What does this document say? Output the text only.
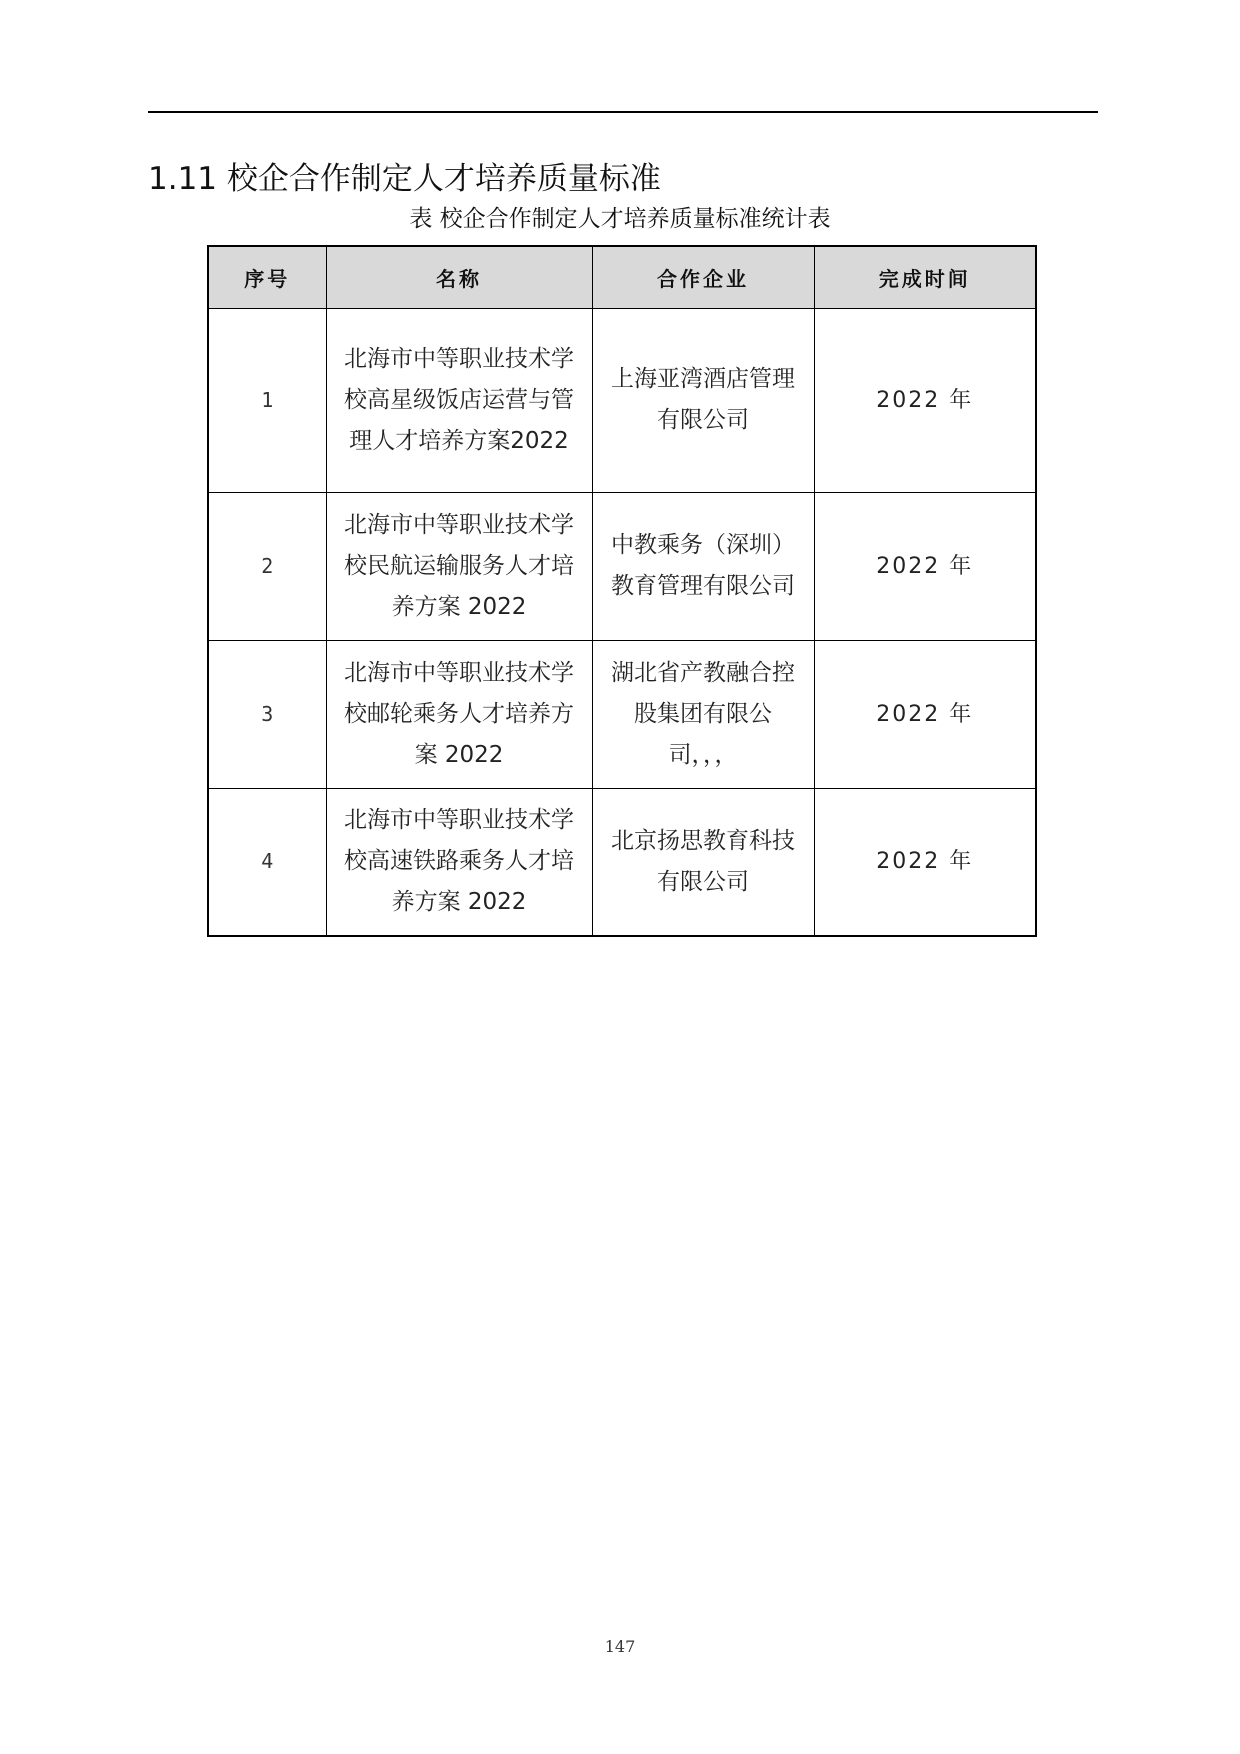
1.11 校企合作制定人才培养质量标准
表 校企合作制定人才培养质量标准统计表
序号	名称	合作企业	完成时间
1	北海市中等职业技术学校高星级饭店运营与管理人才培养方案2022	上海亚湾酒店管理有限公司	2022 年
2	北海市中等职业技术学校民航运输服务人才培养方案 2022	中教乘务（深圳）教育管理有限公司	2022 年
3	北海市中等职业技术学校邮轮乘务人才培养方案 2022	湖北省产教融合控股集团有限公司，，，	2022 年
4	北海市中等职业技术学校高速铁路乘务人才培养方案 2022	北京扬思教育科技有限公司	2022 年
147
